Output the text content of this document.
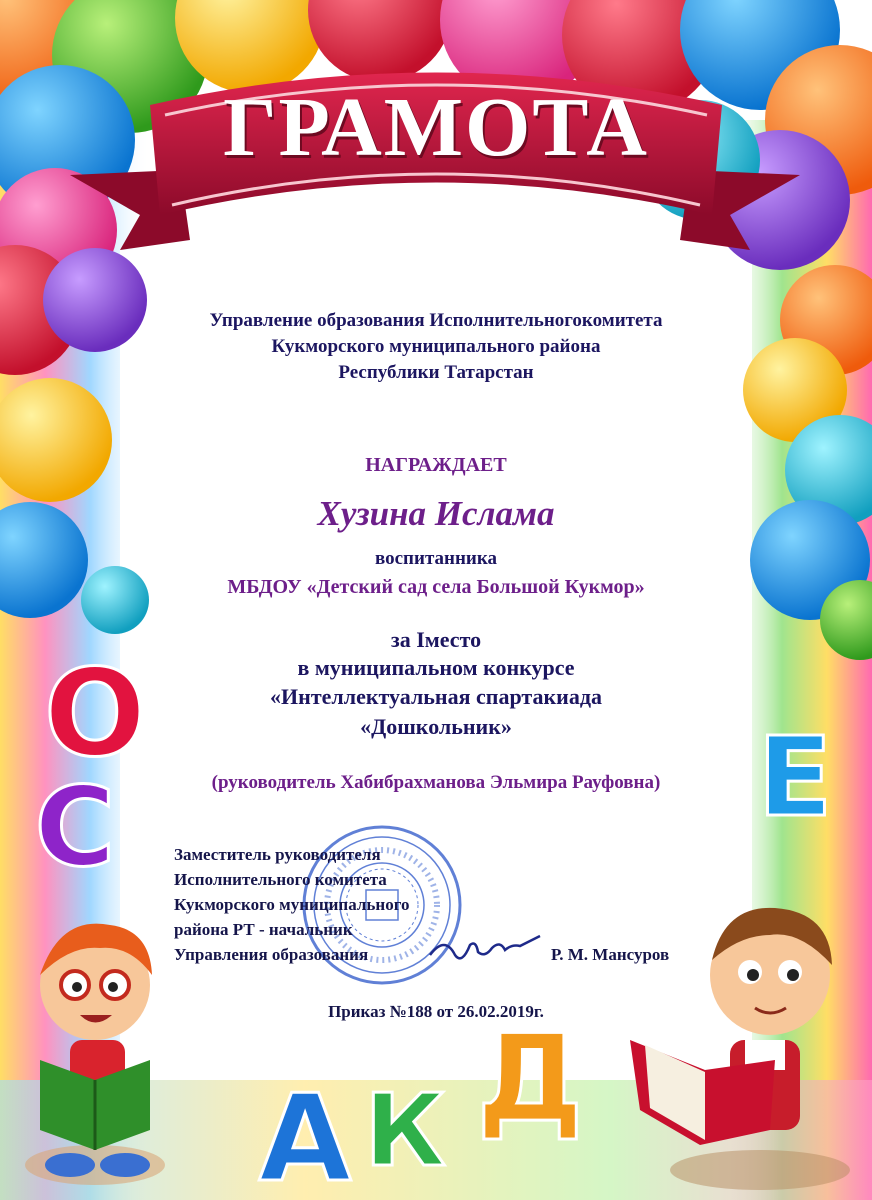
О
С	Е
А К Д
ГРАМОТА
Управление образования Исполнительногокомитета
Кукморского муниципального района
Республики Татарстан
НАГРАЖДАЕТ
Хузина Ислама
воспитанника
МБДОУ «Детский сад села Большой Кукмор»
за Iместо
в муниципальном конкурсе
«Интеллектуальная спартакиада
«Дошкольник»
(руководитель Хабибрахманова Эльмира Рауфовна)
Заместитель руководителя
Исполнительного комитета
Кукморского муниципального
района РТ - начальник
Управления образования	Р. М. Мансуров
Приказ №188 от 26.02.2019г.
